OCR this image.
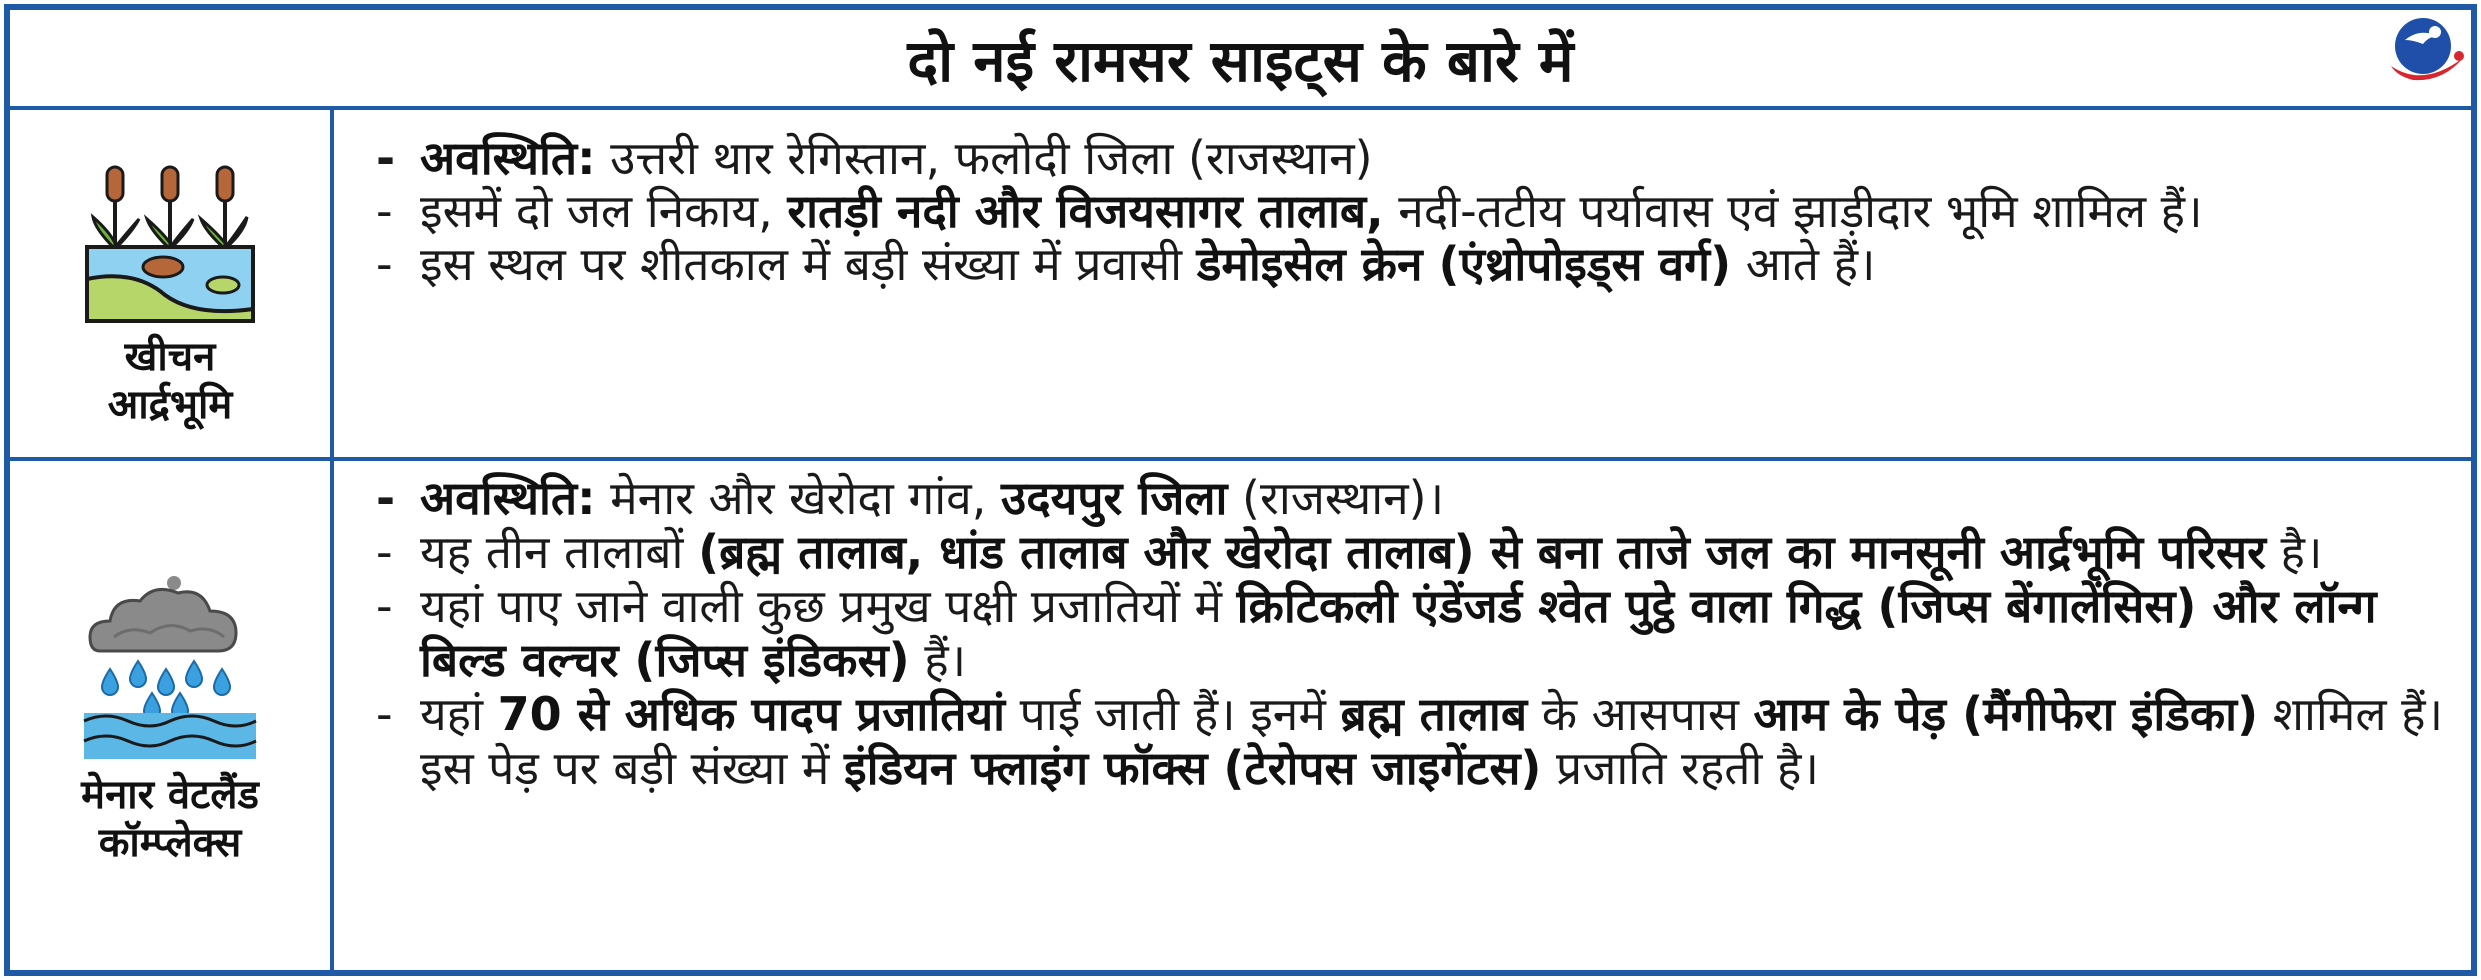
दो नई रामसर साइट्स के बारे में
खीचन
आर्द्रभूमि
- अवस्थिति: उत्तरी थार रेगिस्तान, फलोदी जिला (राजस्थान)
- इसमें दो जल निकाय, रातड़ी नदी और विजयसागर तालाब, नदी-तटीय पर्यावास एवं झाड़ीदार भूमि शामिल हैं।
- इस स्थल पर शीतकाल में बड़ी संख्या में प्रवासी डेमोइसेल क्रेन (एंथ्रोपोइड्स वर्ग) आते हैं।
मेनार वेटलैंड
कॉम्प्लेक्स
- अवस्थिति: मेनार और खेरोदा गांव, उदयपुर जिला (राजस्थान)।
- यह तीन तालाबों (ब्रह्म तालाब, धांड तालाब और खेरोदा तालाब) से बना ताजे जल का मानसूनी आर्द्रभूमि परिसर है।
- यहां पाए जाने वाली कुछ प्रमुख पक्षी प्रजातियों में क्रिटिकली एंडेंजर्ड श्वेत पुट्ठे वाला गिद्ध (जिप्स बेंगालेंसिस) और लॉन्ग बिल्ड वल्चर (जिप्स इंडिकस) हैं।
- यहां 70 से अधिक पादप प्रजातियां पाई जाती हैं। इनमें ब्रह्म तालाब के आसपास आम के पेड़ (मैंगीफेरा इंडिका) शामिल हैं। इस पेड़ पर बड़ी संख्या में इंडियन फ्लाइंग फॉक्स (टेरोपस जाइगेंटस) प्रजाति रहती है।
